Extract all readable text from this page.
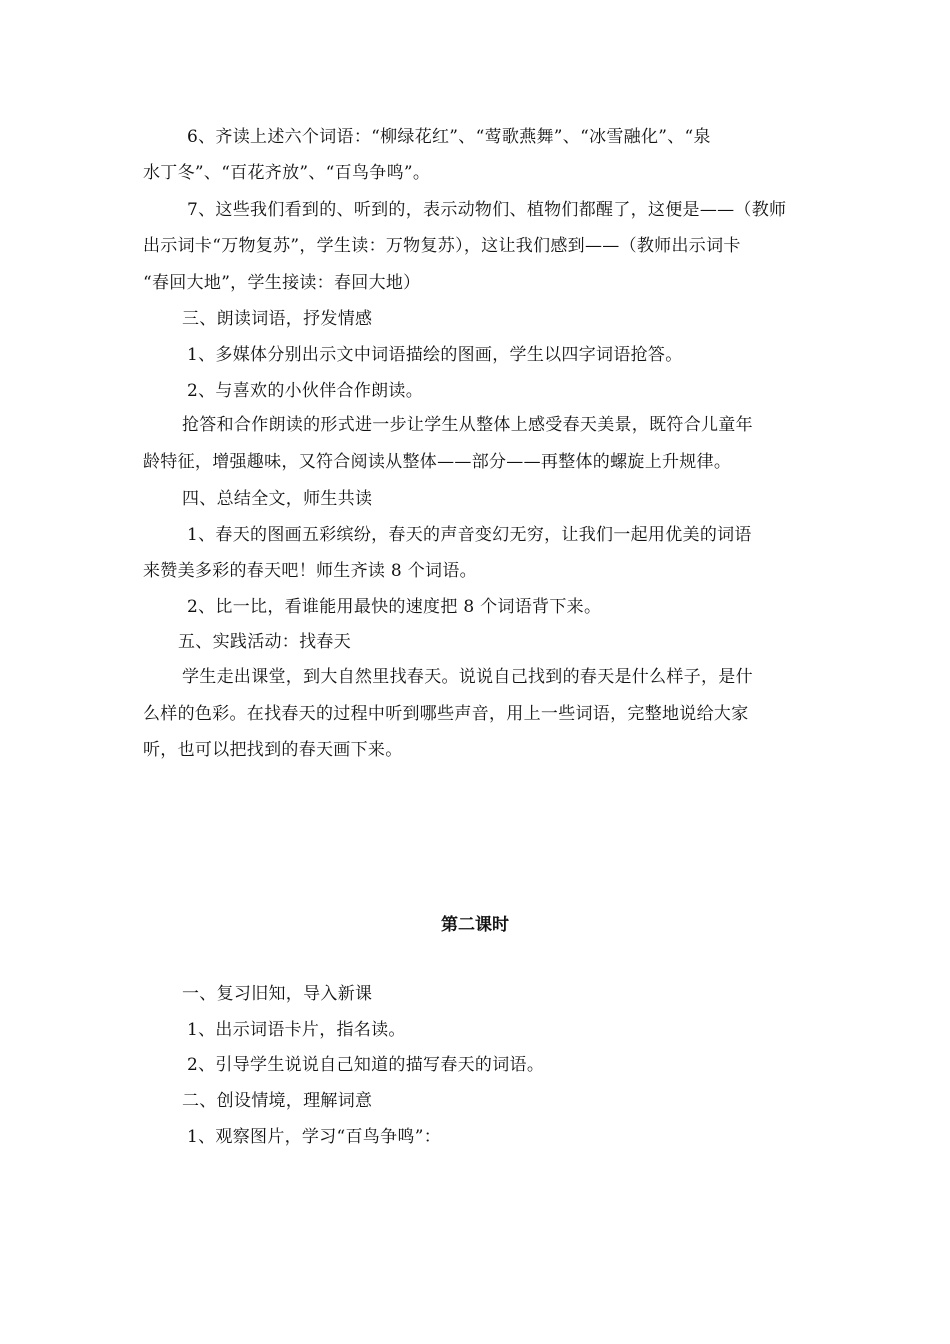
6、齐读上述六个词语：“柳绿花红”、“莺歌燕舞”、“冰雪融化”、“泉
水丁冬”、“百花齐放”、“百鸟争鸣”。
7、这些我们看到的、听到的，表示动物们、植物们都醒了，这便是——（教师
出示词卡“万物复苏”，学生读：万物复苏），这让我们感到——（教师出示词卡
“春回大地”，学生接读：春回大地）
三、朗读词语，抒发情感
1、多媒体分别出示文中词语描绘的图画，学生以四字词语抢答。
2、与喜欢的小伙伴合作朗读。
抢答和合作朗读的形式进一步让学生从整体上感受春天美景，既符合儿童年
龄特征，增强趣味，又符合阅读从整体——部分——再整体的螺旋上升规律。
四、总结全文，师生共读
1、春天的图画五彩缤纷，春天的声音变幻无穷，让我们一起用优美的词语
来赞美多彩的春天吧！师生齐读 8 个词语。
2、比一比，看谁能用最快的速度把 8 个词语背下来。
五、实践活动：找春天
学生走出课堂，到大自然里找春天。说说自己找到的春天是什么样子，是什
么样的色彩。在找春天的过程中听到哪些声音，用上一些词语，完整地说给大家
听，也可以把找到的春天画下来。
第二课时
一、复习旧知，导入新课
1、出示词语卡片，指名读。
2、引导学生说说自己知道的描写春天的词语。
二、创设情境，理解词意
1、观察图片，学习“百鸟争鸣”：
